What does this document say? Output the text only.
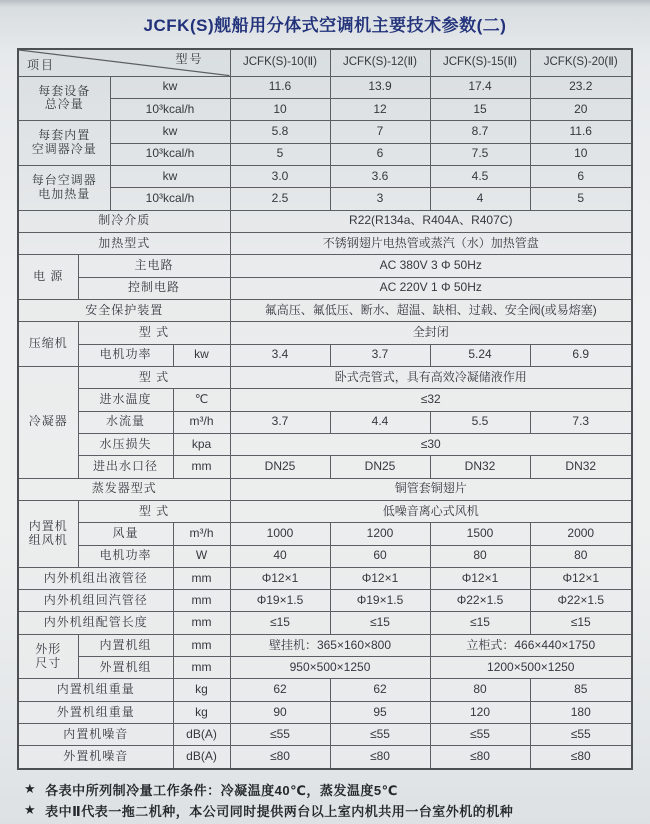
JCFK(S)舰船用分体式空调机主要技术参数(二)
项目 型号				JCFK(S)-10(Ⅱ)	JCFK(S)-12(Ⅱ)	JCFK(S)-15(Ⅱ)	JCFK(S)-20(Ⅱ)

每套设备
总冷量		kw		11.6	13.9	17.4	23.2
		10³kcal/h		10	12	15	20

每套内置
空调器冷量		kw		5.8	7	8.7	11.6
		10³kcal/h		5	6	7.5	10

每台空调器
电加热量		kw		3.0	3.6	4.5	6
		10³kcal/h		2.5	3	4	5
制冷介质				R22(R134a、R404A、R407C)			
加热型式				不锈钢翅片电热管或蒸汽（水）加热管盘			
电 源	主电路			AC 380V 3 Φ 50Hz			
	控制电路			AC 220V 1 Φ 50Hz			
安全保护装置				氟高压、氟低压、断水、超温、缺相、过载、安全阀(或易熔塞)			
压缩机	型 式			全封闭			
	电机功率		kw	3.4	3.7	5.24	6.9
冷凝器	型 式			卧式壳管式，具有高效冷凝储液作用			
	进水温度		℃	≤32			
	水流量		m³/h	3.7	4.4	5.5	7.3
	水压损失		kpa	≤30			
	进出水口径		mm	DN25	DN25	DN32	DN32
蒸发器型式				铜管套铜翅片			

内置机
组风机	型 式			低噪音离心式风机			
	风量		m³/h	1000	1200	1500	2000
	电机功率		W	40	60	80	80
内外机组出液管径			mm	Φ12×1	Φ12×1	Φ12×1	Φ12×1
内外机组回汽管径			mm	Φ19×1.5	Φ19×1.5	Φ22×1.5	Φ22×1.5
内外机组配管长度			mm	≤15	≤15	≤15	≤15

外形
尺寸	内置机组		mm	壁挂机：365×160×800		立柜式：466×440×1750	
	外置机组		mm	950×500×1250		1200×500×1250	
内置机组重量			kg	62	62	80	85
外置机组重量			kg	90	95	120	180
内置机噪音			dB(A)	≤55	≤55	≤55	≤55
外置机噪音			dB(A)	≤80	≤80	≤80	≤80
★ 各表中所列制冷量工作条件：冷凝温度40℃，蒸发温度5℃
★ 表中Ⅱ代表一拖二机种，本公司同时提供两台以上室内机共用一台室外机的机种
